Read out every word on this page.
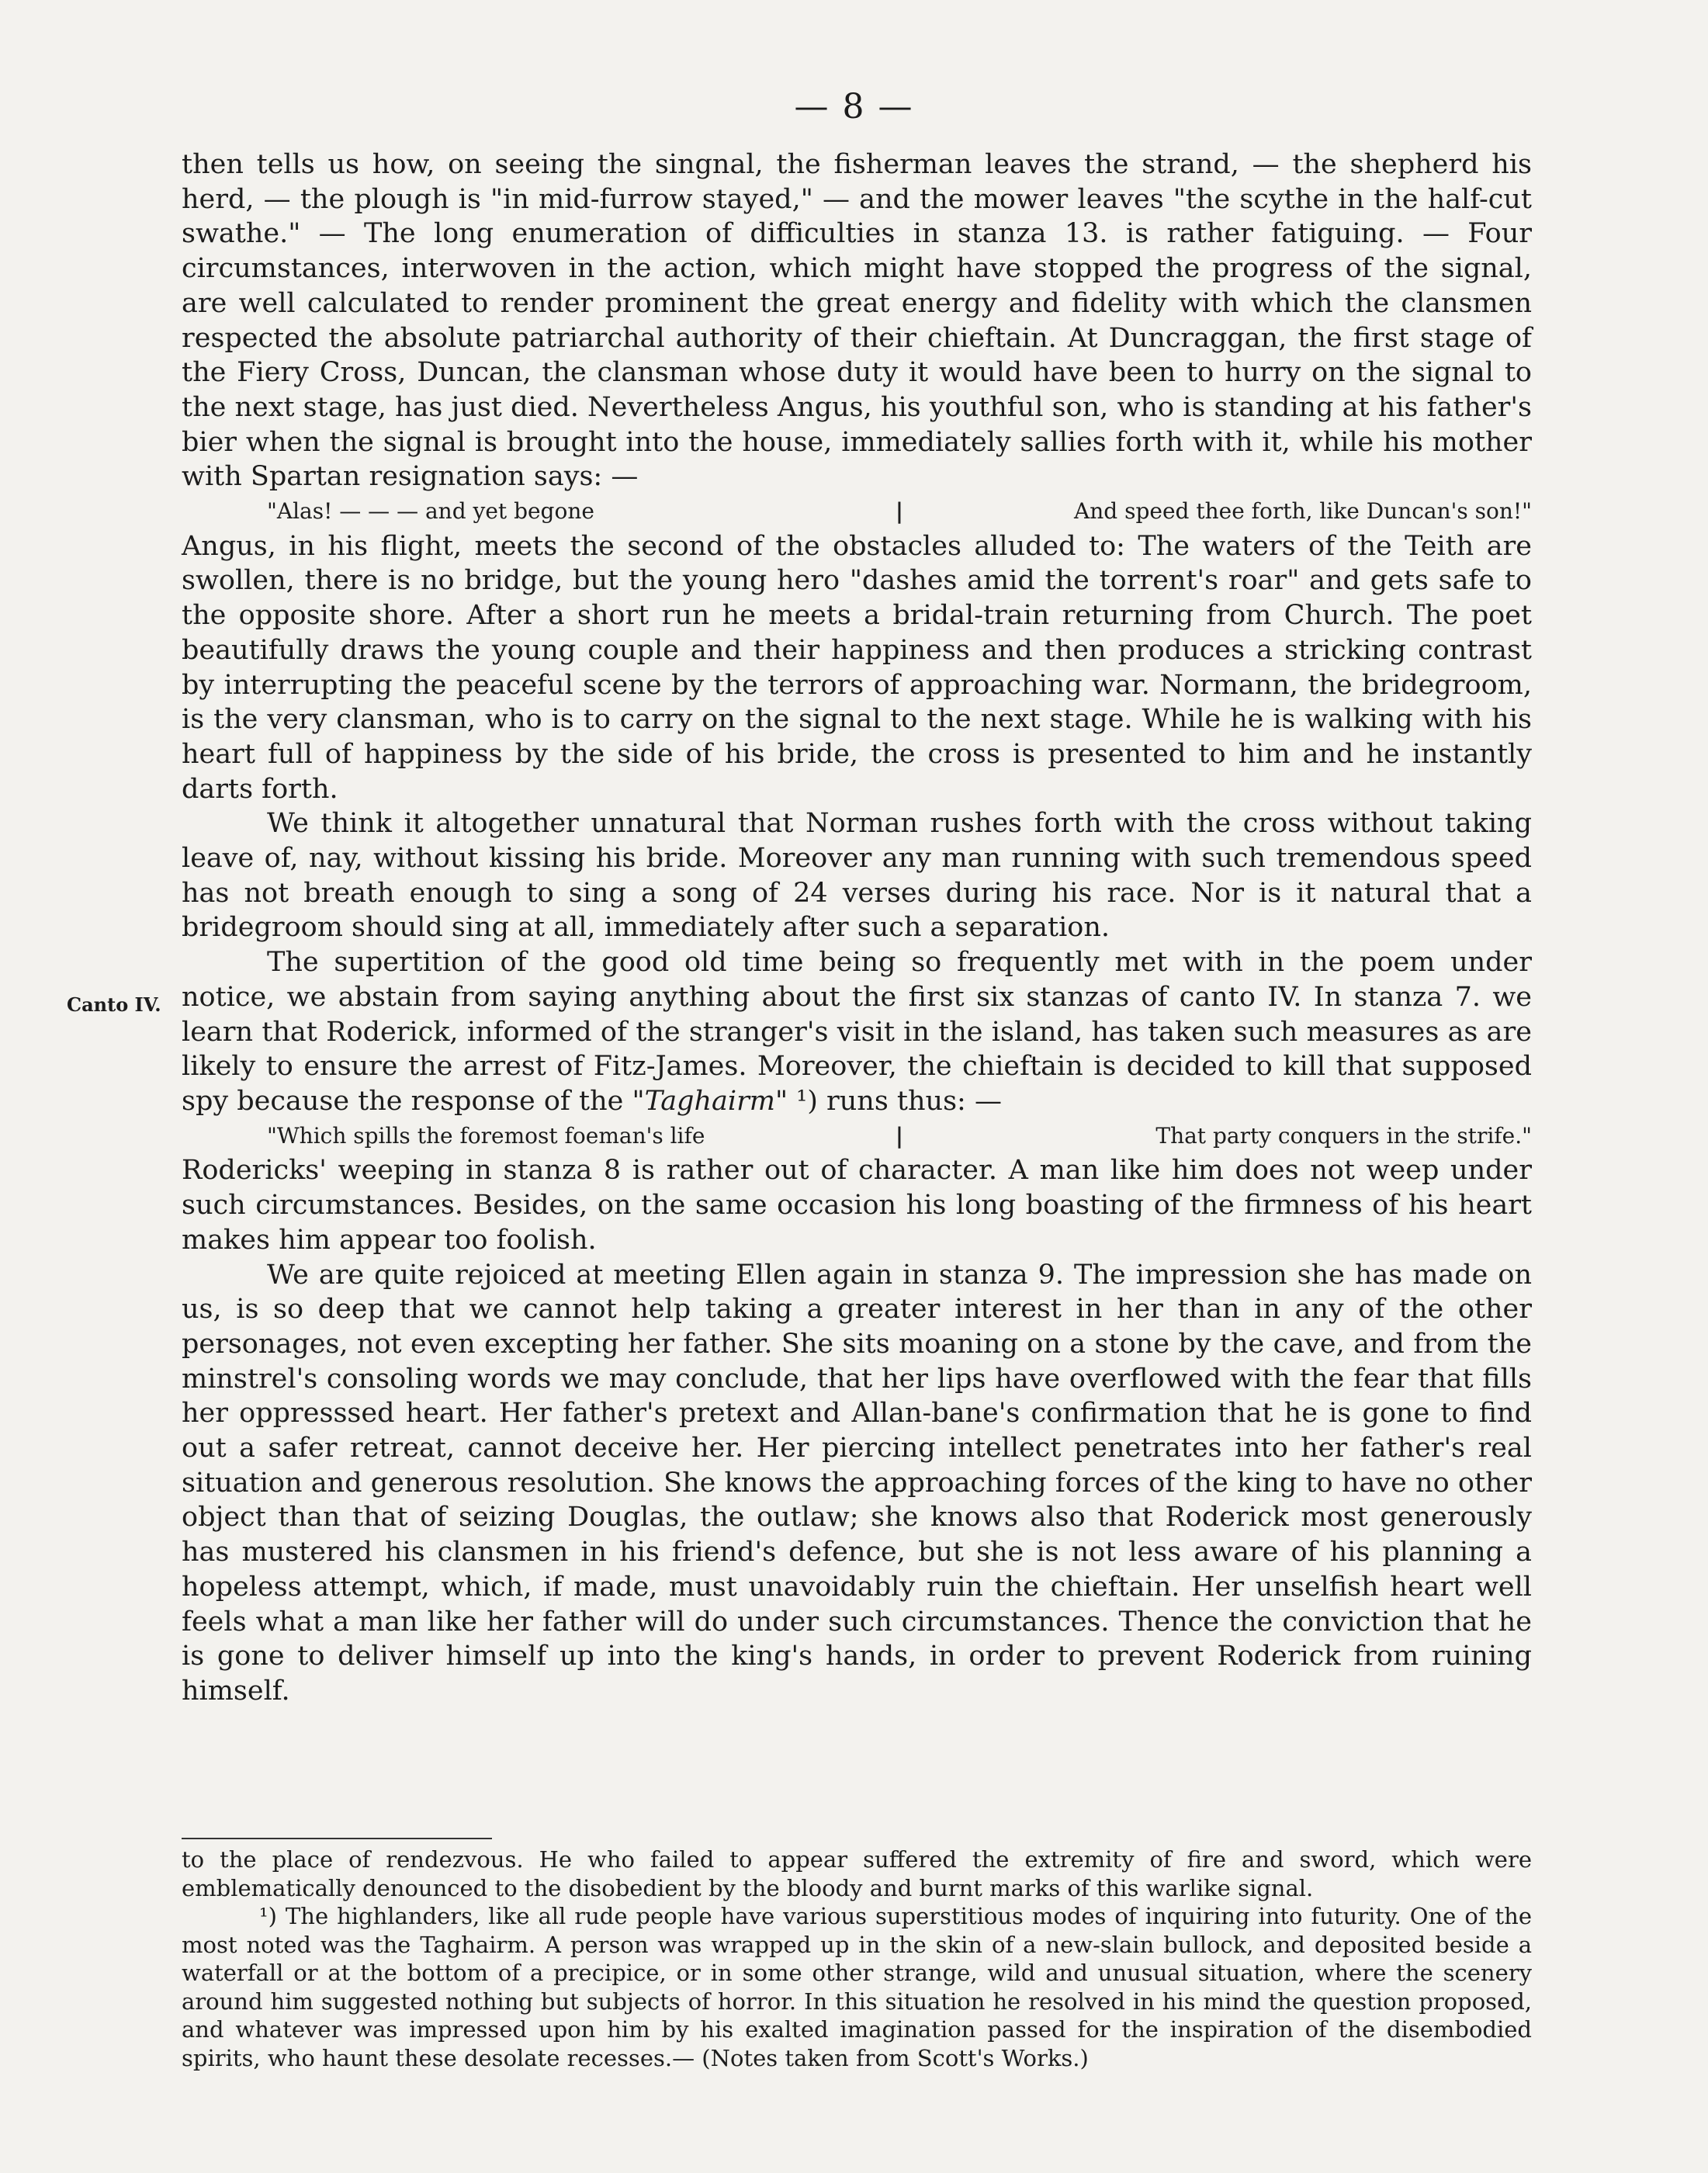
— 8 —
Canto IV.

then tells us how, on seeing the singnal, the fisherman leaves the strand, — the shepherd his herd, — the plough is "in mid-furrow stayed," — and the mower leaves "the scythe in the half-cut swathe." — The long enumeration of difficulties in stanza 13. is rather fatiguing. — Four circumstances, interwoven in the action, which might have stopped the progress of the signal, are well calculated to render prominent the great energy and fidelity with which the clansmen respected the absolute patriarchal authority of their chieftain. At Duncraggan, the first stage of the Fiery Cross, Duncan, the clansman whose duty it would have been to hurry on the signal to the next stage, has just died. Nevertheless Angus, his youthful son, who is standing at his father's bier when the signal is brought into the house, immediately sallies forth with it, while his mother with Spartan resignation says: —

"Alas! — — — and yet begone	|	And speed thee forth, like Duncan's son!"

Angus, in his flight, meets the second of the obstacles alluded to: The waters of the Teith are swollen, there is no bridge, but the young hero "dashes amid the torrent's roar" and gets safe to the opposite shore. After a short run he meets a bridal-train returning from Church. The poet beautifully draws the young couple and their happiness and then produces a stricking contrast by interrupting the peaceful scene by the terrors of approaching war. Normann, the bridegroom, is the very clansman, who is to carry on the signal to the next stage. While he is walking with his heart full of happiness by the side of his bride, the cross is presented to him and he instantly darts forth.

We think it altogether unnatural that Norman rushes forth with the cross without taking leave of, nay, without kissing his bride. Moreover any man running with such tremendous speed has not breath enough to sing a song of 24 verses during his race. Nor is it natural that a bridegroom should sing at all, immediately after such a separation.

The supertition of the good old time being so frequently met with in the poem under notice, we abstain from saying anything about the first six stanzas of canto IV. In stanza 7. we learn that Roderick, informed of the stranger's visit in the island, has taken such measures as are likely to ensure the arrest of Fitz-James. Moreover, the chieftain is decided to kill that supposed spy because the response of the "Taghairm" ¹) runs thus: —

"Which spills the foremost foeman's life	|	That party conquers in the strife."

Rodericks' weeping in stanza 8 is rather out of character. A man like him does not weep under such circumstances. Besides, on the same occasion his long boasting of the firmness of his heart makes him appear too foolish.

We are quite rejoiced at meeting Ellen again in stanza 9. The impression she has made on us, is so deep that we cannot help taking a greater interest in her than in any of the other personages, not even excepting her father. She sits moaning on a stone by the cave, and from the minstrel's consoling words we may conclude, that her lips have overflowed with the fear that fills her oppresssed heart. Her father's pretext and Allan-bane's confirmation that he is gone to find out a safer retreat, cannot deceive her. Her piercing intellect penetrates into her father's real situation and generous resolution. She knows the approaching forces of the king to have no other object than that of seizing Douglas, the outlaw; she knows also that Roderick most generously has mustered his clansmen in his friend's defence, but she is not less aware of his planning a hopeless attempt, which, if made, must unavoidably ruin the chieftain. Her unselfish heart well feels what a man like her father will do under such circumstances. Thence the conviction that he is gone to deliver himself up into the king's hands, in order to prevent Roderick from ruining himself.

to the place of rendezvous. He who failed to appear suffered the extremity of fire and sword, which were emblematically denounced to the disobedient by the bloody and burnt marks of this warlike signal.

¹) The highlanders, like all rude people have various superstitious modes of inquiring into futurity. One of the most noted was the Taghairm. A person was wrapped up in the skin of a new-slain bullock, and deposited beside a waterfall or at the bottom of a precipice, or in some other strange, wild and unusual situation, where the scenery around him suggested nothing but subjects of horror. In this situation he resolved in his mind the question proposed, and whatever was impressed upon him by his exalted imagination passed for the inspiration of the disembodied spirits, who haunt these desolate recesses.— (Notes taken from Scott's Works.)
